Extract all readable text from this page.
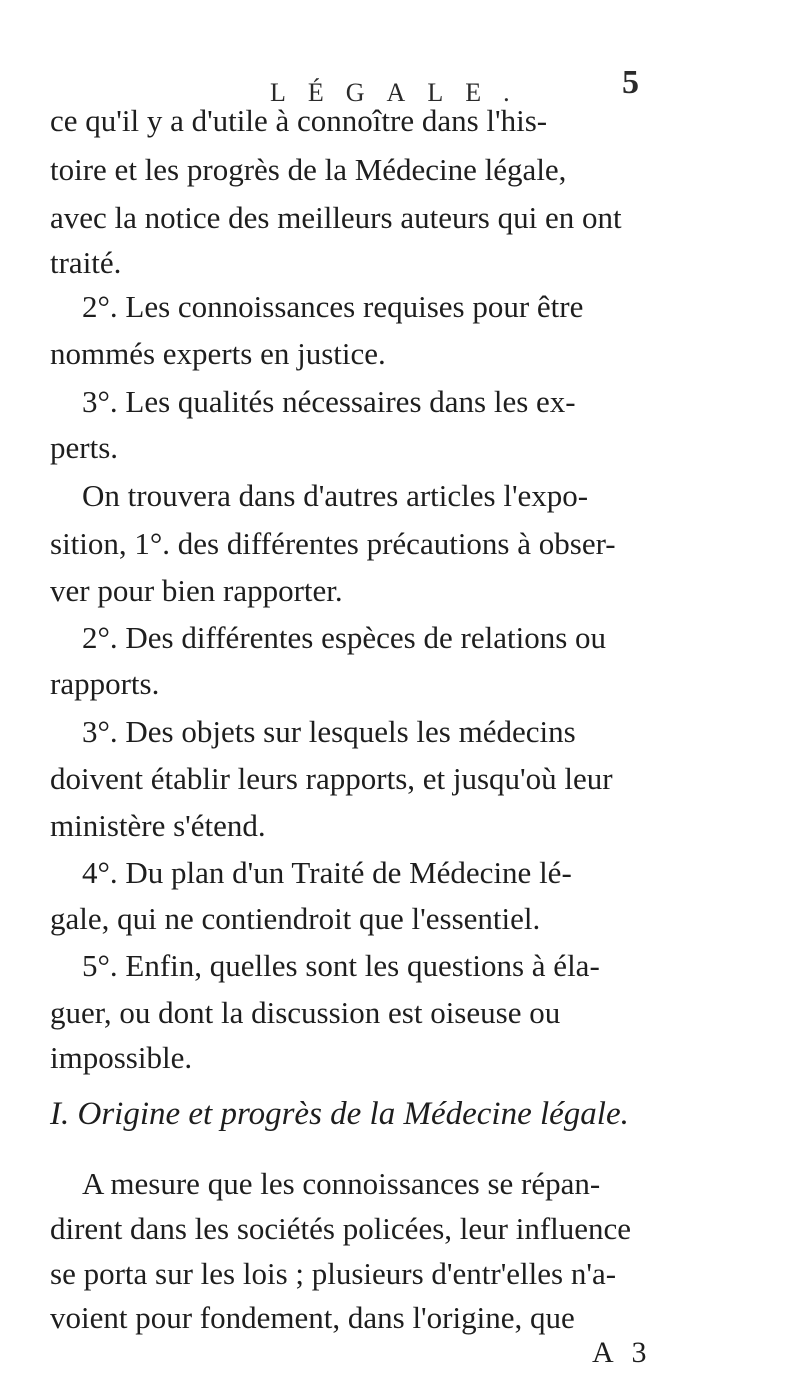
LÉGALE.	5
ce qu'il y a d'utile à connoître dans l'his-
toire et les progrès de la Médecine légale,
avec la notice des meilleurs auteurs qui en ont
traité.
2°. Les connoissances requises pour être
nommés experts en justice.
3°. Les qualités nécessaires dans les ex-
perts.
On trouvera dans d'autres articles l'expo-
sition, 1°. des différentes précautions à obser-
ver pour bien rapporter.
2°. Des différentes espèces de relations ou
rapports.
3°. Des objets sur lesquels les médecins
doivent établir leurs rapports, et jusqu'où leur
ministère s'étend.
4°. Du plan d'un Traité de Médecine lé-
gale, qui ne contiendroit que l'essentiel.
5°. Enfin, quelles sont les questions à éla-
guer, ou dont la discussion est oiseuse ou
impossible.
I. Origine et progrès de la Médecine légale.
A mesure que les connoissances se répan-
dirent dans les sociétés policées, leur influence
se porta sur les lois ; plusieurs d'entr'elles n'a-
voient pour fondement, dans l'origine, que
A 3
